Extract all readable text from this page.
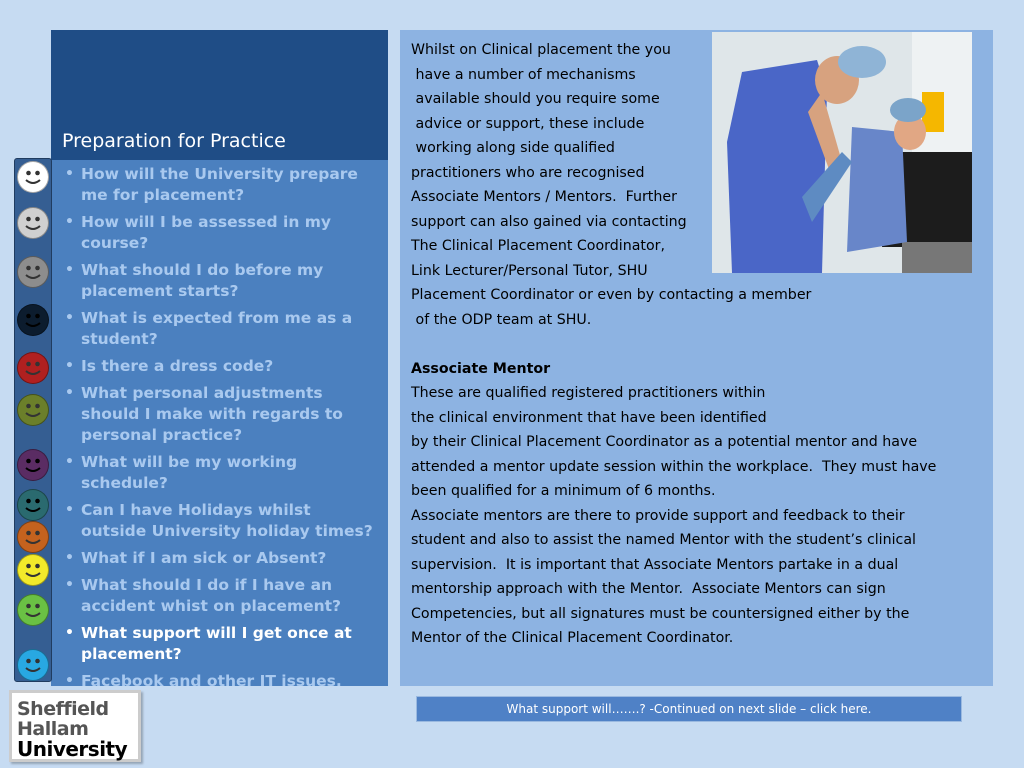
Preparation for Practice
• How will the University prepare me for placement?
• How will I be assessed in my course?
• What should I do before my placement starts?
• What is expected from me as a student?
• Is there a dress code?
• What personal adjustments should I make with regards to personal practice?
• What will be my working schedule?
• Can I have Holidays whilst outside University holiday times?
• What if I am sick or Absent?
• What should I do if I have an accident whist on placement?
• What support will I get once at placement?
• Facebook and other IT issues.

Whilst on Clinical placement the you

have a number of mechanisms

available should you require some

advice or support, these include

working along side qualified

practitioners who are recognised

Associate Mentors / Mentors.  Further

support can also gained via contacting

The Clinical Placement Coordinator,

Link Lecturer/Personal Tutor, SHU

Placement Coordinator or even by contacting a member

of the ODP team at SHU.

Associate Mentor

These are qualified registered practitioners within

the clinical environment that have been identified

by their Clinical Placement Coordinator as a potential mentor and have

attended a mentor update session within the workplace.  They must have

been qualified for a minimum of 6 months.

Associate mentors are there to provide support and feedback to their

student and also to assist the named Mentor with the student’s clinical

supervision.  It is important that Associate Mentors partake in a dual

mentorship approach with the Mentor.  Associate Mentors can sign

Competencies, but all signatures must be countersigned either by the

Mentor of the Clinical Placement Coordinator.

What support will…….? -Continued on next slide – click here.
Sheffield
Hallam
University
